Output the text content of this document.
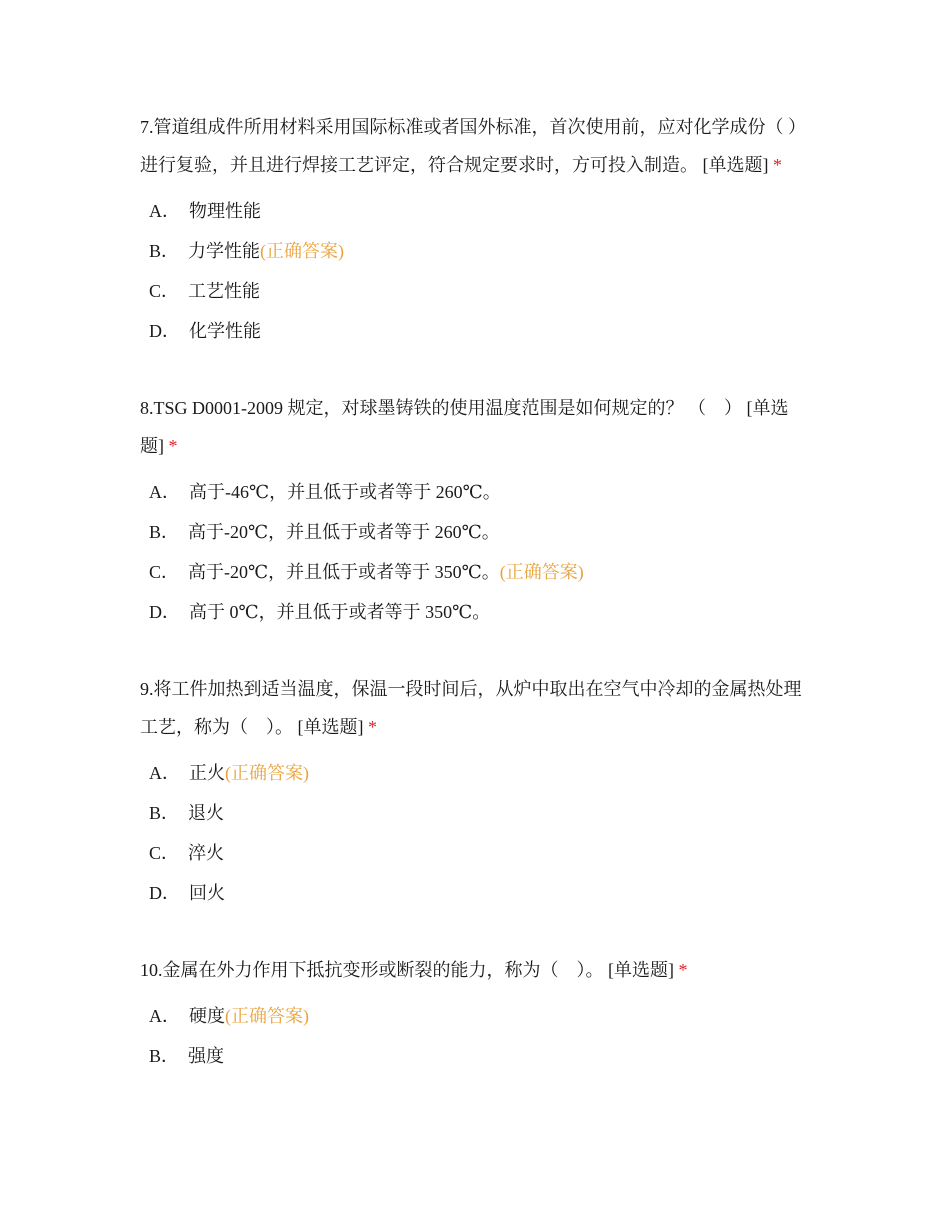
7.管道组成件所用材料采用国际标准或者国外标准，首次使用前，应对化学成份（ ）进行复验，并且进行焊接工艺评定，符合规定要求时，方可投入制造。 [单选题] *

A． 物理性能
B． 力学性能(正确答案)
C． 工艺性能
D． 化学性能

8.TSG D0001-2009 规定，对球墨铸铁的使用温度范围是如何规定的？ （　） [单选题] *

A． 高于-46℃，并且低于或者等于 260℃。
B． 高于-20℃，并且低于或者等于 260℃。
C． 高于-20℃，并且低于或者等于 350℃。(正确答案)
D． 高于 0℃，并且低于或者等于 350℃。

9.将工件加热到适当温度，保温一段时间后，从炉中取出在空气中冷却的金属热处理工艺，称为（　）。 [单选题] *

A． 正火(正确答案)
B． 退火
C． 淬火
D． 回火

10.金属在外力作用下抵抗变形或断裂的能力，称为（　）。 [单选题] *

A． 硬度(正确答案)
B． 强度
